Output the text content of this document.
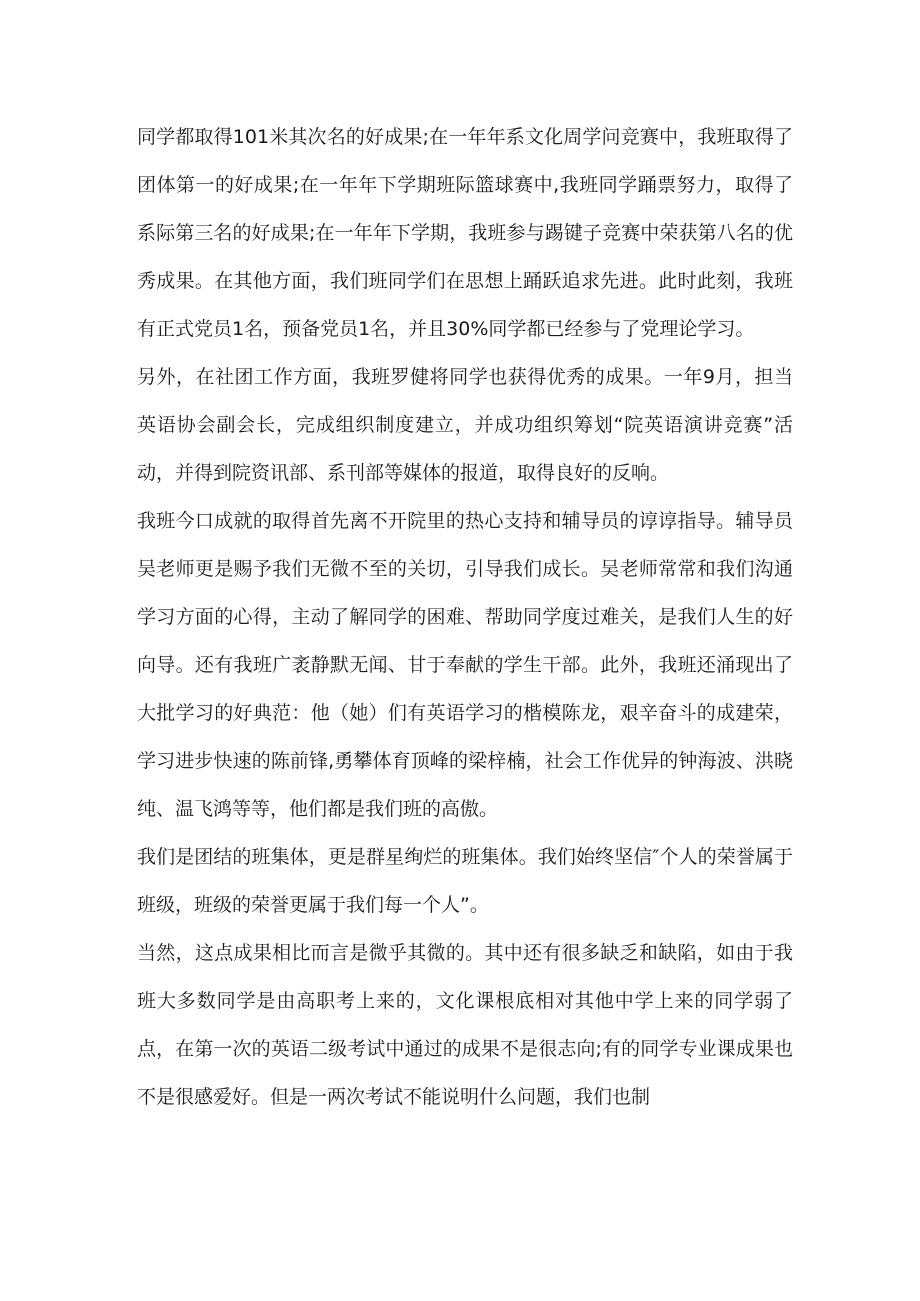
同学都取得101米其次名的好成果;在一年年系文化周学问竞赛中，我班取得了团体第一的好成果;在一年年下学期班际篮球赛中,我班同学踊票努力，取得了系际第三名的好成果;在一年年下学期，我班参与踢键子竞赛中荣获第八名的优秀成果。在其他方面，我们班同学们在思想上踊跃追求先进。此时此刻，我班有正式党员1名，预备党员1名，并且30%同学都已经参与了党理论学习。

另外，在社团工作方面，我班罗健将同学也获得优秀的成果。一年9月，担当英语协会副会长，完成组织制度建立，并成功组织筹划“院英语演讲竞赛”活动，并得到院资讯部、系刊部等媒体的报道，取得良好的反响。

我班今口成就的取得首先离不开院里的热心支持和辅导员的谆谆指导。辅导员吴老师更是赐予我们无微不至的关切，引导我们成长。吴老师常常和我们沟通学习方面的心得，主动了解同学的困难、帮助同学度过难关，是我们人生的好向导。还有我班广袤静默无闻、甘于奉献的学生干部。此外，我班还涌现出了大批学习的好典范：他（她）们有英语学习的楷模陈龙，艰辛奋斗的成建荣，学习进步快速的陈前锋,勇攀体育顶峰的梁梓楠，社会工作优异的钟海波、洪晓纯、温飞鸿等等，他们都是我们班的高傲。

我们是团结的班集体，更是群星绚烂的班集体。我们始终坚信″个人的荣誉属于班级，班级的荣誉更属于我们每一个人”。

当然，这点成果相比而言是微乎其微的。其中还有很多缺乏和缺陷，如由于我班大多数同学是由高职考上来的，文化课根底相对其他中学上来的同学弱了点，在第一次的英语二级考试中通过的成果不是很志向;有的同学专业课成果也不是很感爱好。但是一两次考试不能说明什么问题，我们也制
